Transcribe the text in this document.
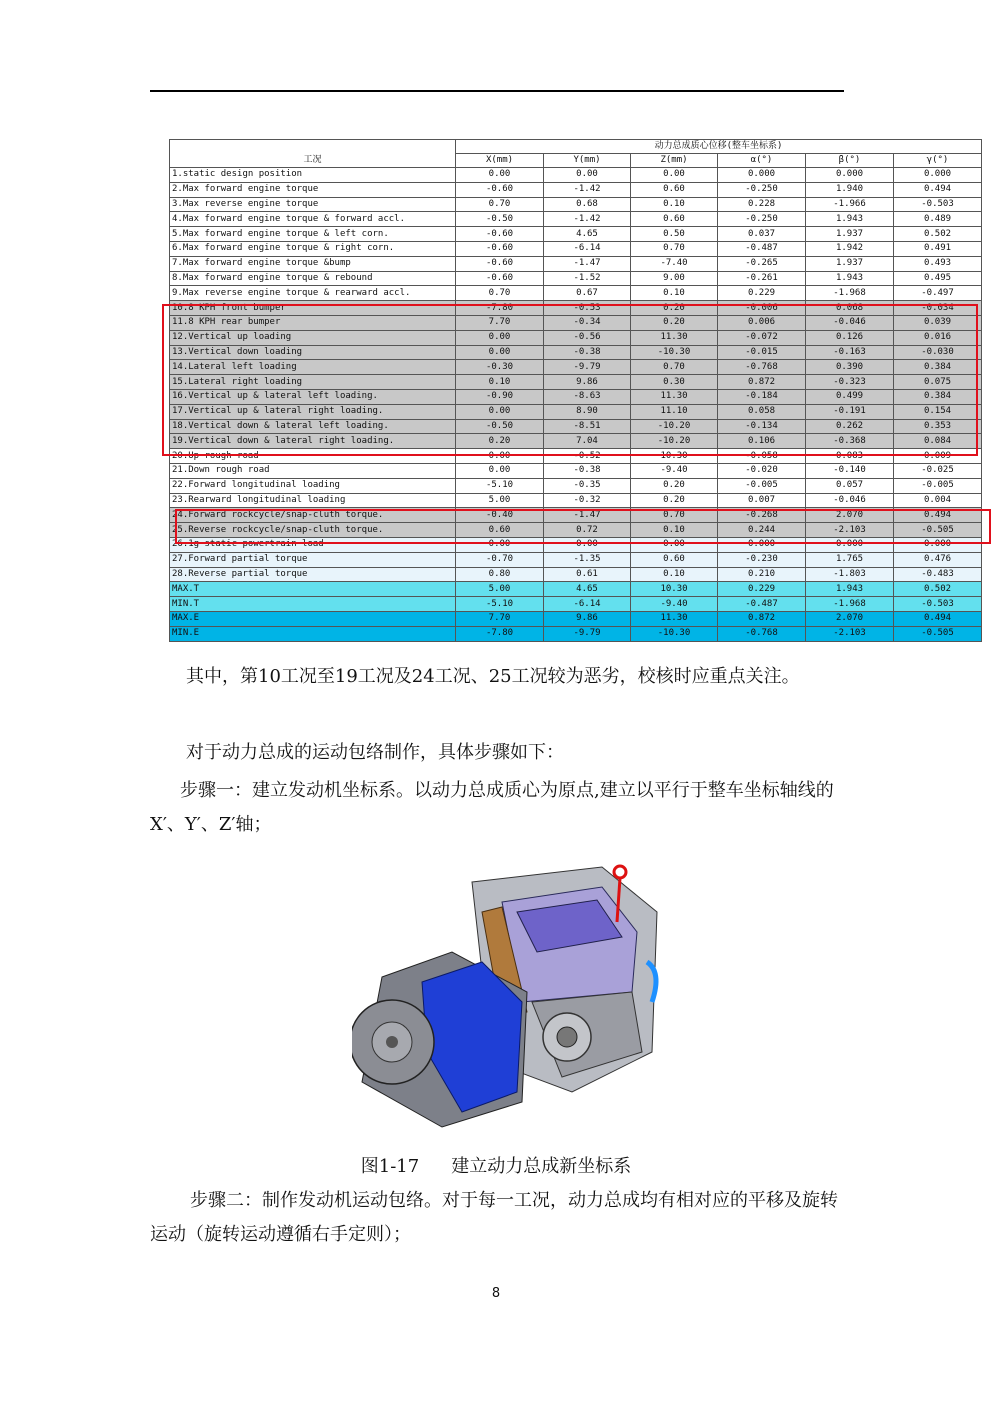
工况	动力总成质心位移(整车坐标系)					
	X(mm)	Y(mm)	Z(mm)	α(°)	β(°)	γ(°)
1.static design position	0.00	0.00	0.00	0.000	0.000	0.000
2.Max forward engine torque	-0.60	-1.42	0.60	-0.250	1.940	0.494
3.Max reverse engine torque	0.70	0.68	0.10	0.228	-1.966	-0.503
4.Max forward engine torque & forward accl.	-0.50	-1.42	0.60	-0.250	1.943	0.489
5.Max forward engine torque & left corn.	-0.60	4.65	0.50	0.037	1.937	0.502
6.Max forward engine torque & right corn.	-0.60	-6.14	0.70	-0.487	1.942	0.491
7.Max forward engine torque &bump	-0.60	-1.47	-7.40	-0.265	1.937	0.493
8.Max forward engine torque & rebound	-0.60	-1.52	9.00	-0.261	1.943	0.495
9.Max reverse engine torque & rearward accl.	0.70	0.67	0.10	0.229	-1.968	-0.497
10.8 KPH front bumper	-7.80	-0.53	0.20	-0.006	0.068	-0.034
11.8 KPH rear bumper	7.70	-0.34	0.20	0.006	-0.046	0.039
12.Vertical up loading	0.00	-0.56	11.30	-0.072	0.126	0.016
13.Vertical down loading	0.00	-0.38	-10.30	-0.015	-0.163	-0.030
14.Lateral left loading	-0.30	-9.79	0.70	-0.768	0.390	0.384
15.Lateral right loading	0.10	9.86	0.30	0.872	-0.323	0.075
16.Vertical up & lateral left loading.	-0.90	-8.63	11.30	-0.184	0.499	0.384
17.Vertical up & lateral right loading.	0.00	8.90	11.10	0.058	-0.191	0.154
18.Vertical down & lateral left loading.	-0.50	-8.51	-10.20	-0.134	0.262	0.353
19.Vertical down & lateral right loading.	0.20	7.04	-10.20	0.106	-0.368	0.084
20.Up rough road	0.00	-0.52	10.30	-0.058	0.083	0.009
21.Down rough road	0.00	-0.38	-9.40	-0.020	-0.140	-0.025
22.Forward longitudinal loading	-5.10	-0.35	0.20	-0.005	0.057	-0.005
23.Rearward longitudinal loading	5.00	-0.32	0.20	0.007	-0.046	0.004
24.Forward rockcycle/snap-cluth torque.	-0.40	-1.47	0.70	-0.268	2.070	0.494
25.Reverse rockcycle/snap-cluth torque.	0.60	0.72	0.10	0.244	-2.103	-0.505
26.1g static powertrain load	0.00	0.00	0.00	0.000	0.000	0.000
27.Forward partial torque	-0.70	-1.35	0.60	-0.230	1.765	0.476
28.Reverse partial torque	0.80	0.61	0.10	0.210	-1.803	-0.483
MAX.T	5.00	4.65	10.30	0.229	1.943	0.502
MIN.T	-5.10	-6.14	-9.40	-0.487	-1.968	-0.503
MAX.E	7.70	9.86	11.30	0.872	2.070	0.494
MIN.E	-7.80	-9.79	-10.30	-0.768	-2.103	-0.505
其中，第10工况至19工况及24工况、25工况较为恶劣，校核时应重点关注。
对于动力总成的运动包络制作，具体步骤如下：
步骤一：建立发动机坐标系。以动力总成质心为原点,建立以平行于整车坐标轴线的X′、Y′、Z′轴；
图1-17 建立动力总成新坐标系
步骤二：制作发动机运动包络。对于每一工况，动力总成均有相对应的平移及旋转运动（旋转运动遵循右手定则）；
8
